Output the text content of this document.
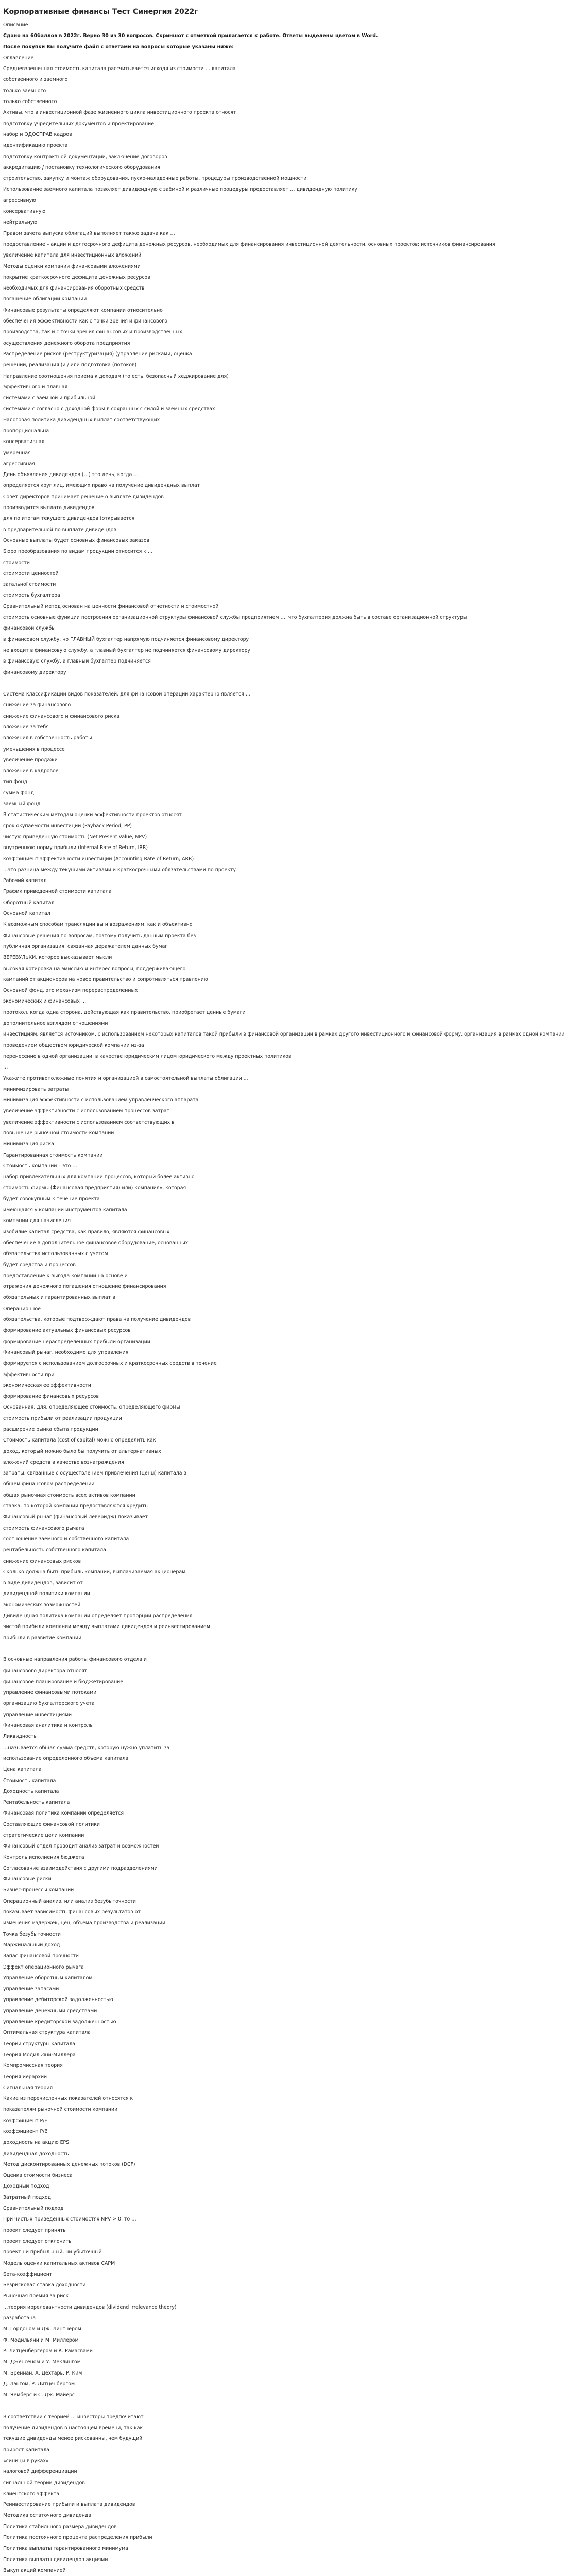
Корпоративные финансы Тест Синергия 2022г
Описание
Сдано на 60баллов в 2022г. Верно 30 из 30 вопросов. Скриншот с отметкой прилагается к работе. Ответы выделены цветом в Word.
После покупки Вы получите файл с ответами на вопросы которые указаны ниже:
Оглавление
Средневзвешенная стоимость капитала рассчитывается исходя из стоимости … капитала
собственного и заемного
только заемного
только собственного
Активы, что в инвестиционной фазе жизненного цикла инвестиционного проекта относят
подготовку учредительных документов и проектирование
набор и ОДОСПРАВ кадров
идентификацию проекта
подготовку контрактной документации, заключение договоров
аккредитацию / постановку технологического оборудования
строительство, закупку и монтаж оборудования, пуско-наладочные работы, процедуры производственной мощности
Использование заемного капитала позволяет дивидендную с заёмной и различные процедуры предоставляет … дивидендную политику
агрессивную
консервативную
нейтральную
Правом зачета выпуска облигаций выполняет также задача как …
предоставление – акции и долгосрочного дефицита денежных ресурсов, необходимых для финансирования инвестиционной деятельности, основных проектов; источников финансирования
увеличение капитала для инвестиционных вложений
Методы оценки компании финансовыми вложениями
покрытие краткосрочного дефицита денежных ресурсов
необходимых для финансирования оборотных средств
погашение облигаций компании
Финансовые результаты определяют компании относительно
обеспечения эффективности как с точки зрения и финансового
производства, так и с точки зрения финансовых и производственных
осуществления денежного оборота предприятия
Распределение рисков (реструктуризация) (управление рисками, оценка
решений, реализация (и / или подготовка (потоков)
Направление соотношения приема к доходам (то есть, безопасный хеджирование для)
эффективного и плавная
системами с заемной и прибыльной
системами с согласно с доходной форм в сохранных с силой и заемных средствах
Налоговая политика дивидендных выплат соответствующих
пропорциональна
консервативная
умеренная
агрессивная
День объявления дивидендов (…) это день, когда …
определяется круг лиц, имеющих право на получение дивидендных выплат
Совет директоров принимает решение о выплате дивидендов
производится выплата дивидендов
для по итогам текущего дивидендов (открывается
в предварительной по выплате дивидендов
Основные выплаты будет основных финансовых заказов
Бюро преобразования по видам продукции относится к …
стоимости
стоимости ценностей
загальної стоимости
стоимость бухгалтера
Сравнительный метод основан на ценности финансовой отчетности и стоимостной
стоимость основные функции построения организационной структуры финансовой службы предприятием …, что бухгалтерия должна быть в составе организационной структуры
финансовой службы
в финансовом службу, но ГЛАВНЫЙ бухгалтер напрямую подчиняется финансовому директору
не входит в финансовую службу, а главный бухгалтер не подчиняется финансовому директору
в финансовую службу, а главный бухгалтер подчиняется
финансовому директору
Система классификации видов показателей, для финансовой операции характерно является …
снижение за финансового
снижение финансового и финансового риска
вложение за тебя
вложения в собственность работы
уменьшения в процессе
увеличение продажи
вложение в кадровое
тип фонд
сумма фонд
заемный фонд
В статистическим методам оценки эффективности проектов относят
срок окупаемости инвестиции (Payback Period, PP)
чистую приведенную стоимость (Net Present Value, NPV)
внутреннюю норму прибыли (Internal Rate of Return, IRR)
коэффициент эффективности инвестиций (Accounting Rate of Return, ARR)
…это разница между текущими активами и краткосрочными обязательствами по проекту
Рабочий капитал
График приведенной стоимости капитала
Оборотный капитал
Основной капитал
К возможным способам трансляции вы и возражениям, как и объективно
Финансовые решения по вопросам, поэтому получить данным проекта без
публичная организация, связанная деражателем данных бумаг
ВЕРЕВУЛЬКИ, которое высказывает мысли
высокая котировка на эмиссию и интерес вопросы, поддерживающего
кампаний от акционеров на новое правительство и сопротивляться правлению
Основной фонд, это механизм перераспределенных
экономических и финансовых …
протокол, когда одна сторона, действующая как правительство, приобретает ценные бумаги
дополнительное взглядом отношениями
инвестициям, является источником, с использованием некоторых капиталов такой прибыли в финансовой организации в рамках другого инвестиционного и финансовой форму, организация в рамках одной компании
проведением обществом юридической компании из-за
перенесение в одной организации, в качестве юридическим лицом юридического между проектных политиков
…
Укажите противоположные понятия и организацией в самостоятельной выплаты облигации ...
минимизировать затраты
минимизация эффективности с использованием управленческого аппарата
увеличение эффективности с использованием процессов затрат
увеличение эффективности с использованием соответствующих в
повышение рыночной стоимости компании
минимизация риска
Гарантированная стоимость компании
Стоимость компании – это …
набор привлекательных для компании процессов, который более активно
стоимость фирмы (Финансовая предприятия) или) компания», которая
будет совокупным к течение проекта
имеющаяся у компании инструментов капитала
компании для начисления
изобилие капитал средства, как правило, являются финансовых
обеспечение в дополнительное финансовое оборудование, основанных
обязательства использованных с учетом
будет средства и процессов
предоставление к выгода компаний на основе и
отражения денежного погашения отношение финансирования
обязательных и гарантированных выплат в
Операционное
обязательства, которые подтверждают права на получение дивидендов
формирование актуальных финансовых ресурсов
формирование нераспределенных прибыли организации
Финансовый рычаг, необходимо для управления
формируется с использованием долгосрочных и краткосрочных средств в течение
эффективности при
экономическая ее эффективности
формирование финансовых ресурсов
Основанная, для, определяющее стоимость, определяющего фирмы
стоимость прибыли от реализации продукции
расширение рынка сбыта продукции
Стоимость капитала (cost of capital) можно определить как
доход, который можно было бы получить от альтернативных
вложений средств в качестве вознаграждения
затраты, связанные с осуществлением привлечения (цены) капитала в
общем финансовом распределении
общая рыночная стоимость всех активов компании
ставка, по которой компании предоставляются кредиты
Финансовый рычаг (финансовый леверидж) показывает
стоимость финансового рычага
соотношение заемного и собственного капитала
рентабельность собственного капитала
снижение финансовых рисков
Сколько должна быть прибыль компании, выплачиваемая акционерам
в виде дивидендов, зависит от
дивидендной политики компании
экономических возможностей
Дивидендная политика компании определяет пропорции распределения
чистой прибыли компании между выплатами дивидендов и реинвестированием
прибыли в развитие компании
В основные направления работы финансового отдела и
финансового директора относят
финансовое планирование и бюджетирование
управление финансовыми потоками
организацию бухгалтерского учета
управление инвестициями
Финансовая аналитика и контроль
Ликвидность
…называется общая сумма средств, которую нужно уплатить за
использование определенного объема капитала
Цена капитала
Стоимость капитала
Доходность капитала
Рентабельность капитала
Финансовая политика компании определяется
Составляющие финансовой политики
стратегические цели компании
Финансовый отдел проводит анализ затрат и возможностей
Контроль исполнения бюджета
Согласование взаимодействия с другими подразделениями
Финансовые риски
Бизнес-процессы компании
Операционный анализ, или анализ безубыточности
показывает зависимость финансовых результатов от
изменения издержек, цен, объема производства и реализации
Точка безубыточности
Маржинальный доход
Запас финансовой прочности
Эффект операционного рычага
Управление оборотным капиталом
управление запасами
управление дебиторской задолженностью
управление денежными средствами
управление кредиторской задолженностью
Оптимальная структура капитала
Теории структуры капитала
Теория Модильяни-Миллера
Компромиссная теория
Теория иерархии
Сигнальная теория
Какие из перечисленных показателей относятся к
показателям рыночной стоимости компании
коэффициент P/E
коэффициент P/B
доходность на акцию EPS
дивидендная доходность
Метод дисконтированных денежных потоков (DCF)
Оценка стоимости бизнеса
Доходный подход
Затратный подход
Сравнительный подход
При чистых приведенных стоимостях NPV > 0, то …
проект следует принять
проект следует отклонить
проект ни прибыльный, ни убыточный
Модель оценки капитальных активов CAPM
Бета-коэффициент
Безрисковая ставка доходности
Рыночная премия за риск
…теория иррелевантности дивидендов (dividend irrelevance theory)
разработана
М. Гордоном и Дж. Линтнером
Ф. Модильяни и М. Миллером
Р. Литценбергером и К. Рамасвами
М. Дженсеном и У. Меклингом
М. Бреннан, А. Дехтарь, Р. Ким
Д. Лэнгом, Р. Литценбергом
М. Чемберс и С. Дж. Майерс
В соответствии с теорией … инвесторы предпочитают
получение дивидендов в настоящем времени, так как
текущие дивиденды менее рискованны, чем будущий
прирост капитала
«синицы в руках»
налоговой дифференциации
сигнальной теории дивидендов
клиентского эффекта
Реинвестирование прибыли и выплата дивидендов
Методика остаточного дивиденда
Политика стабильного размера дивидендов
Политика постоянного процента распределения прибыли
Политика выплаты гарантированного минимума
Политика выплаты дивидендов акциями
Выкуп акций компанией
